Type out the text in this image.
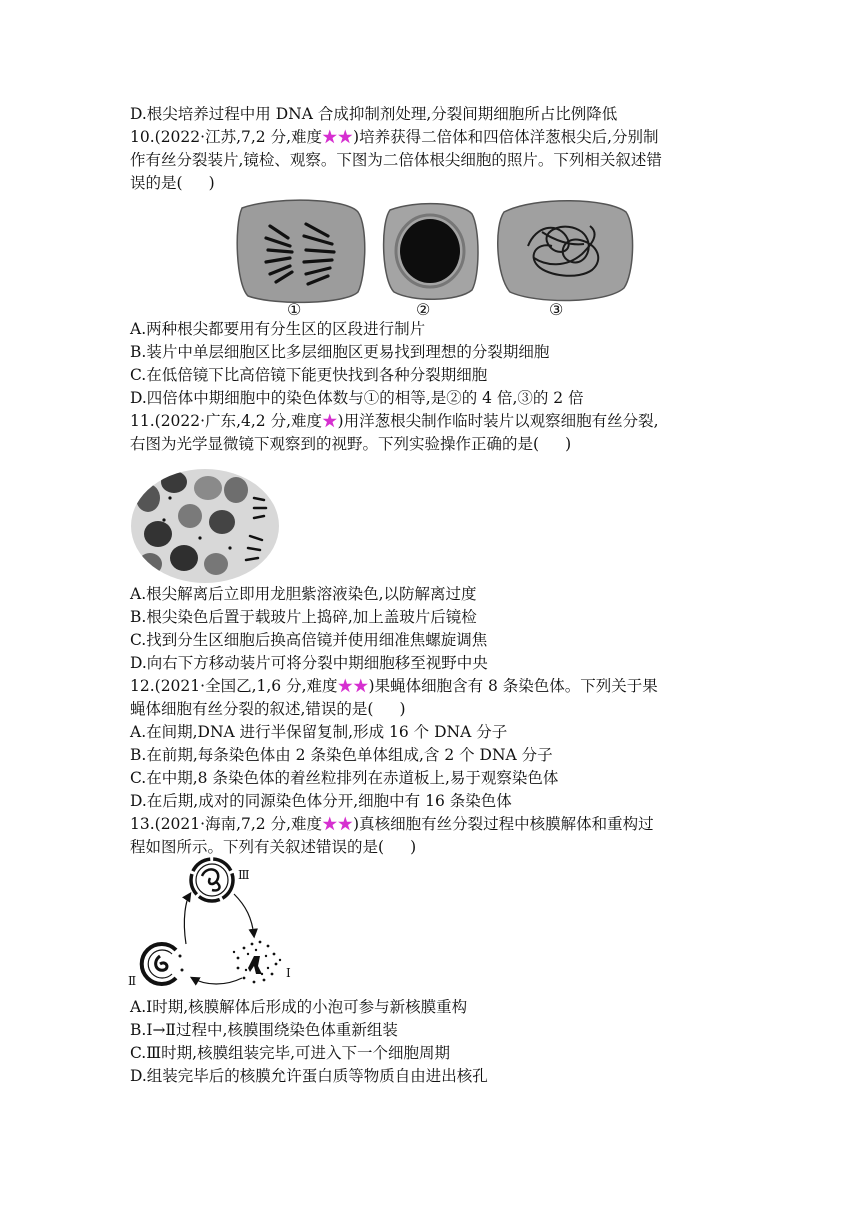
D.根尖培养过程中用 DNA 合成抑制剂处理,分裂间期细胞所占比例降低
10.(2022·江苏,7,2 分,难度★★)培养获得二倍体和四倍体洋葱根尖后,分别制
作有丝分裂装片,镜检、观察。下图为二倍体根尖细胞的照片。下列相关叙述错
误的是( )
①	②	③
A.两种根尖都要用有分生区的区段进行制片
B.装片中单层细胞区比多层细胞区更易找到理想的分裂期细胞
C.在低倍镜下比高倍镜下能更快找到各种分裂期细胞
D.四倍体中期细胞中的染色体数与①的相等,是②的 4 倍,③的 2 倍
11.(2022·广东,4,2 分,难度★)用洋葱根尖制作临时装片以观察细胞有丝分裂,
右图为光学显微镜下观察到的视野。下列实验操作正确的是( )
A.根尖解离后立即用龙胆紫溶液染色,以防解离过度
B.根尖染色后置于载玻片上捣碎,加上盖玻片后镜检
C.找到分生区细胞后换高倍镜并使用细准焦螺旋调焦
D.向右下方移动装片可将分裂中期细胞移至视野中央
12.(2021·全国乙,1,6 分,难度★★)果蝇体细胞含有 8 条染色体。下列关于果
蝇体细胞有丝分裂的叙述,错误的是( )
A.在间期,DNA 进行半保留复制,形成 16 个 DNA 分子
B.在前期,每条染色体由 2 条染色单体组成,含 2 个 DNA 分子
C.在中期,8 条染色体的着丝粒排列在赤道板上,易于观察染色体
D.在后期,成对的同源染色体分开,细胞中有 16 条染色体
13.(2021·海南,7,2 分,难度★★)真核细胞有丝分裂过程中核膜解体和重构过
程如图所示。下列有关叙述错误的是( )
Ⅲ
Ⅱ
Ⅰ
A.Ⅰ时期,核膜解体后形成的小泡可参与新核膜重构
B.Ⅰ→Ⅱ过程中,核膜围绕染色体重新组装
C.Ⅲ时期,核膜组装完毕,可进入下一个细胞周期
D.组装完毕后的核膜允许蛋白质等物质自由进出核孔
